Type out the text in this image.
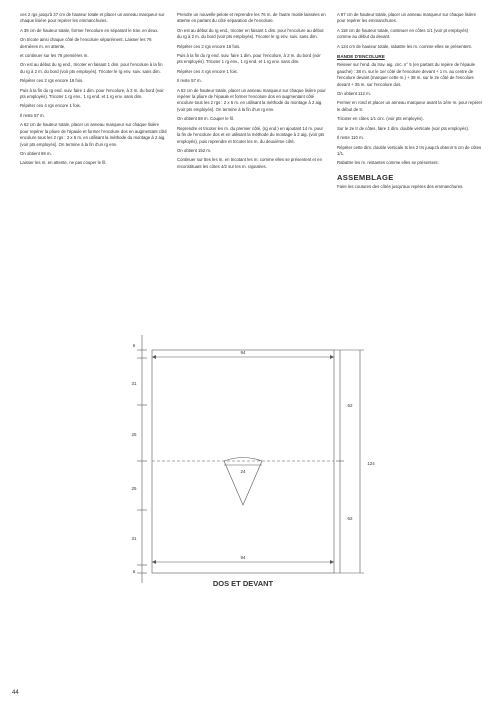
ces 2 rgs jusqu'à 37 cm de hauteur totale et placer un anneau marqueur sur chaque lisière pour repérer les emmanchures.

A 39 cm de hauteur totale, former l'encolure en séparant le trav. en deux.

On tricote ainsi chaque côté de l'encolure séparément. Laisser les 76 dernières m. en attente,

et continuer sur les 76 premières m.

On est au début du rg end., tricoter en faisant 1 dim. pour l'encolure à la fin du rg à 2 m. du bord (voir pts employés). Tricoter le rg env. suiv. sans dim.

Répéter ces 2 rgs encore 16 fois.

Puis à la fin du rg end. suiv. faire 1 dim. pour l'encolure, à 2 m. du bord (voir pts employés). Tricoter 1 rg env., 1 rg end. et 1 rg env. sans dim.

Répéter ces 4 rgs encore 1 fois.

Il reste 57 m.

A 62 cm de hauteur totale, placer un anneau marqueur sur chaque lisière pour repérer la pliure de l'épaule et former l'encolure dos en augmentant côté encolure tous les 2 rgs : 2 x 6 m. en utilisant la méthode du montage à 2 aig. (voir pts employés). On termine à la fin d'un rg env.

On obtient 69 m.

Laisser les m. en attente, ne pas couper le fil.

Prendre un nouvelle pelote et reprendre les 76 m. de l'autre moitié laissées en attente en partant du côté séparation de l'encolure.

On est au début du rg end., tricoter en faisant 1 dim. pour l'encolure au début du rg à 2 m. du bord (voir pts employés). Tricoter le rg env. suiv. sans dim.

Répéter ces 2 rgs encore 16 fois.

Puis à la fin du rg end. suiv. faire 1 dim. pour l'encolure, à 2 m. du bord (voir pts employés). Tricoter 1 rg env., 1 rg end. et 1 rg env. sans dim.

Répéter ces 4 rgs encore 1 fois.

Il reste 57 m.

A 62 cm de hauteur totale, placer un anneau marqueur sur chaque lisière pour repérer la pliure de l'épaule et former l'encolure dos en augmentant côté encolure tous les 2 rgs : 2 x 6 m. en utilisant la méthode du montage à 2 aig. (voir pts employés). On termine à la fin d'un rg env.

On obtient 69 m. Couper le fil.

Reprendre et tricoter les m. du premier côté, (rg end.) en ajoutant 14 m. pour la fin de l'encolure dos et en utilisant la méthode du montage à 2 aig. (voir pts employés), puis reprendre et tricoter les m. du deuxième côté.

On obtient 152 m.

Continuer sur ttes les m. en tricotant les m. comme elles se présentent et en reconstituant les côtes 4/2 sur les m. rajoutées.

A 87 cm de hauteur totale, placer un anneau marqueur sur chaque lisière pour repérer les emmanchures.

A 118 cm de hauteur totale, continuer en côtes 1/1 (voir pt employés) comme au début du devant.

A 124 cm de hauteur totale, rabattre les m. comme elles se présentent.

BANDE D'ENCOLURE

Relever sur l'end. du trav. aig. circ. n° 5 (en partant du repère de l'épaule gauche) : 38 m. sur le 1er côté de l'encolure devant + 1 m. au centre de l'encolure devant (marquer cette m.) + 38 m. sur le 2e côté de l'encolure devant + 35 m. sur l'encolure dos.

On obtient 112 m.

Fermer en rond et placer un anneau marqueur avant la 1ère m. pour repérer le début de tr.

Tricoter en côtes 1/1 circ. (voir pts employés).

Sur le 2e tr de côtes, faire 1 dim. double verticale (voir pts employés).

Il reste 110 m.

Répéter cette dim. double verticale ts les 2 trs jusqu'à obtenir 5 cm de côtes 1/1.

Rabattre les m. restantes comme elles se présentent.

ASSEMBLAGE

Faire les coutures des côtés jusqu'aux repères des emmanchures.

94
94
24
6
31
25
25
31
6
62
62
124
DOS ET DEVANT
44
